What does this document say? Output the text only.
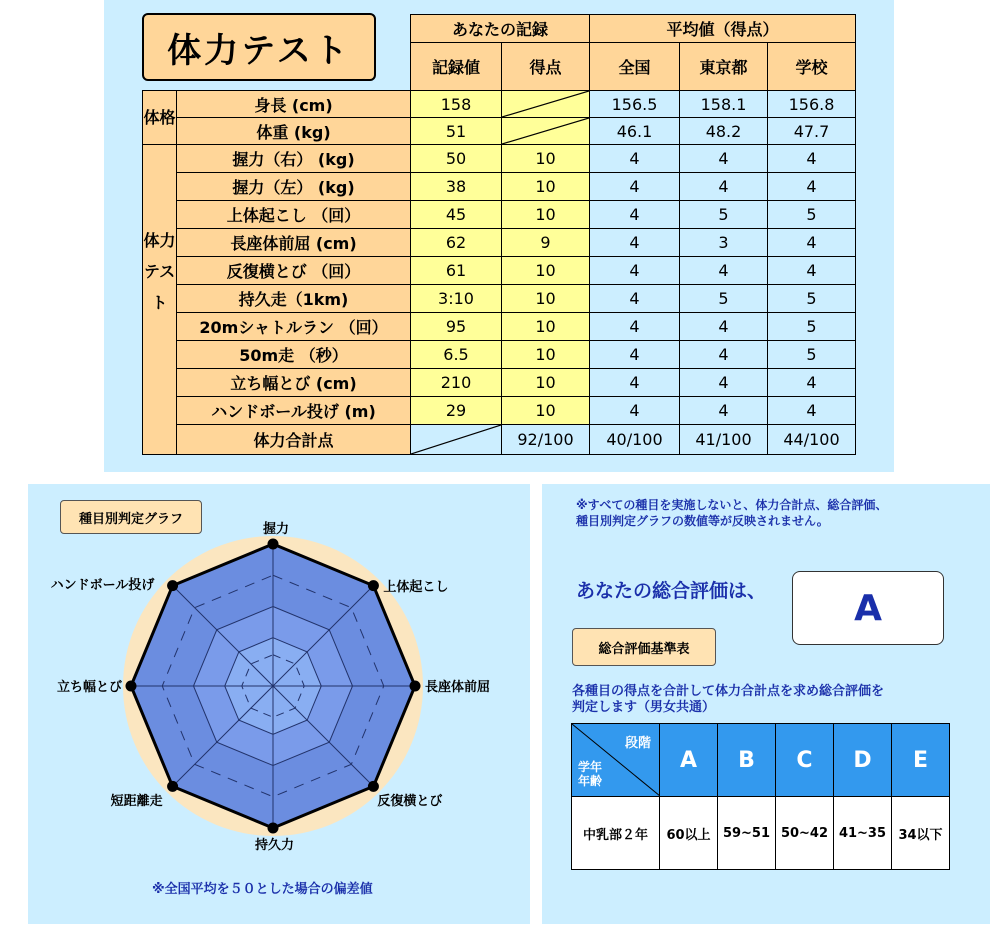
		あなたの記録		平均値（得点）		
		記録値	得点	全国	東京都	学校
体格	身長 (cm)	158		156.5	158.1	156.8
	体重 (kg)	51		46.1	48.2	47.7
体力テスト	握力（右） (kg)	50	10	4	4	4
	握力（左） (kg)	38	10	4	4	4
	上体起こし （回）	45	10	4	5	5
	長座体前屈 (cm)	62	9	4	3	4
	反復横とび （回）	61	10	4	4	4
	持久走（1km)	3:10	10	4	5	5
	20mシャトルラン （回）	95	10	4	4	5
	50m走 （秒）	6.5	10	4	4	5
	立ち幅とび (cm)	210	10	4	4	4
	ハンドボール投げ (m)	29	10	4	4	4
	体力合計点		92/100	40/100	41/100	44/100
体力テスト
種目別判定グラフ
握力
上体起こし
長座体前屈
反復横とび
持久力
短距離走
立ち幅とび
ハンドボール投げ
※全国平均を５０とした場合の偏差値
※すべての種目を実施しないと、体力合計点、総合評価、
種目別判定グラフの数値等が反映されません。
あなたの総合評価は、	A
総合評価基準表
各種目の得点を合計して体力合計点を求め総合評価を
判定します（男女共通）
段階
学年
年齢	A	B	C	D	E
中乳部２年	60以上	59~51	50~42	41~35	34以下
